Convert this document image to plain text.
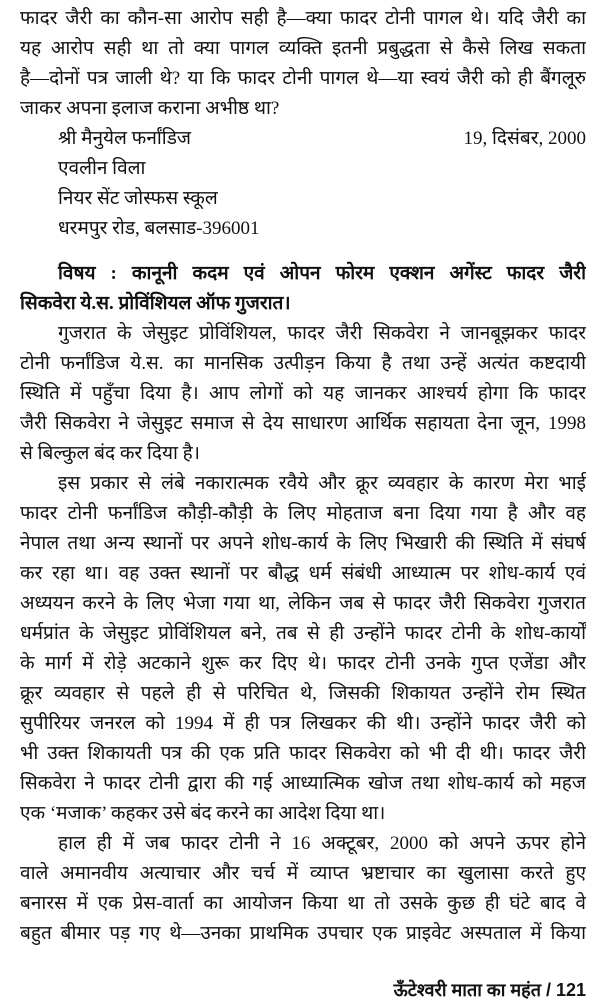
फादर जैरी का कौन-सा आरोप सही है—क्या फादर टोनी पागल थे। यदि जैरी का
यह आरोप सही था तो क्या पागल व्यक्ति इतनी प्रबुद्धता से कैसे लिख सकता
है—दोनों पत्र जाली थे? या कि फादर टोनी पागल थे—या स्वयं जैरी को ही बैंगलूरु
जाकर अपना इलाज कराना अभीष्ठ था?
श्री मैनुयेल फर्नांडिज	19, दिसंबर, 2000
एवलीन विला
नियर सेंट जोस्फस स्कूल
धरमपुर रोड, बलसाड-396001
विषय : कानूनी कदम एवं ओपन फोरम एक्शन अगेंस्ट फादर जैरी
सिकवेरा ये.स. प्रोविंशियल ऑफ गुजरात।
गुजरात के जेसुइट प्रोविंशियल, फादर जैरी सिकवेरा ने जानबूझकर फादर
टोनी फर्नांडिज ये.स. का मानसिक उत्पीड़न किया है तथा उन्हें अत्यंत कष्टदायी
स्थिति में पहुँचा दिया है। आप लोगों को यह जानकर आश्चर्य होगा कि फादर
जैरी सिकवेरा ने जेसुइट समाज से देय साधारण आर्थिक सहायता देना जून, 1998
से बिल्कुल बंद कर दिया है।
इस प्रकार से लंबे नकारात्मक रवैये और क्रूर व्यवहार के कारण मेरा भाई
फादर टोनी फर्नांडिज कौड़ी-कौड़ी के लिए मोहताज बना दिया गया है और वह
नेपाल तथा अन्य स्थानों पर अपने शोध-कार्य के लिए भिखारी की स्थिति में संघर्ष
कर रहा था। वह उक्त स्थानों पर बौद्ध धर्म संबंधी आध्यात्म पर शोध-कार्य एवं
अध्ययन करने के लिए भेजा गया था, लेकिन जब से फादर जैरी सिकवेरा गुजरात
धर्मप्रांत के जेसुइट प्रोविंशियल बने, तब से ही उन्होंने फादर टोनी के शोध-कार्यों
के मार्ग में रोड़े अटकाने शुरू कर दिए थे। फादर टोनी उनके गुप्त एजेंडा और
क्रूर व्यवहार से पहले ही से परिचित थे, जिसकी शिकायत उन्होंने रोम स्थित
सुपीरियर जनरल को 1994 में ही पत्र लिखकर की थी। उन्होंने फादर जैरी को
भी उक्त शिकायती पत्र की एक प्रति फादर सिकवेरा को भी दी थी। फादर जैरी
सिकवेरा ने फादर टोनी द्वारा की गई आध्यात्मिक खोज तथा शोध-कार्य को महज
एक ‘मजाक’ कहकर उसे बंद करने का आदेश दिया था।
हाल ही में जब फादर टोनी ने 16 अक्टूबर, 2000 को अपने ऊपर होने
वाले अमानवीय अत्याचार और चर्च में व्याप्त भ्रष्टाचार का खुलासा करते हुए
बनारस में एक प्रेस-वार्ता का आयोजन किया था तो उसके कुछ ही घंटे बाद वे
बहुत बीमार पड़ गए थे—उनका प्राथमिक उपचार एक प्राइवेट अस्पताल में किया
ऊँटेश्वरी माता का महंत / 121
